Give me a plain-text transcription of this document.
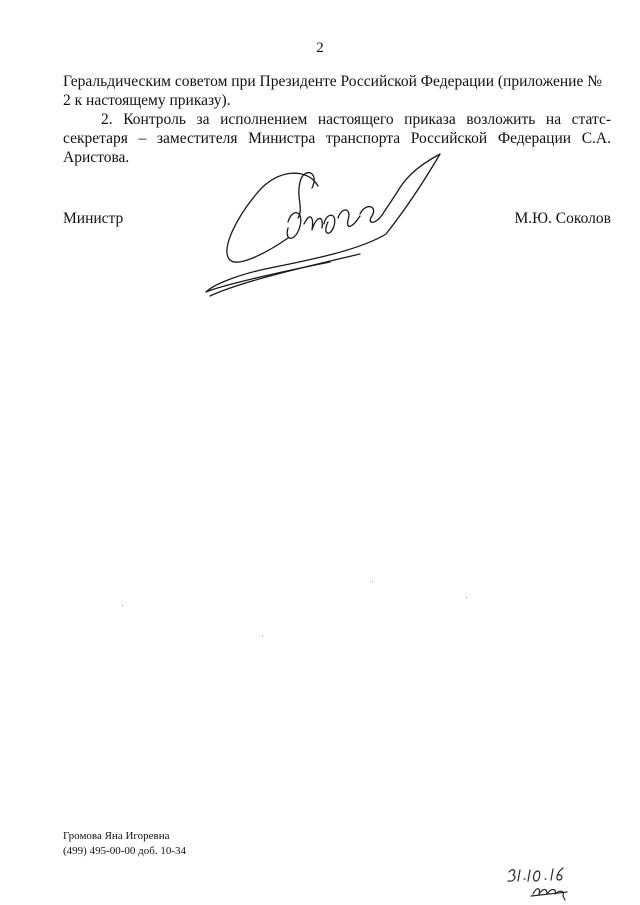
2

Геральдическим советом при Президенте Российской Федерации (приложение № 2 к настоящему приказу).

2. Контроль за исполнением настоящего приказа возложить на статс-секретаря – заместителя Министра транспорта Российской Федерации С.А. Аристова.

Министр	М.Ю. Соколов
Громова Яна Игоревна
(499) 495-00-00 доб. 10-34
